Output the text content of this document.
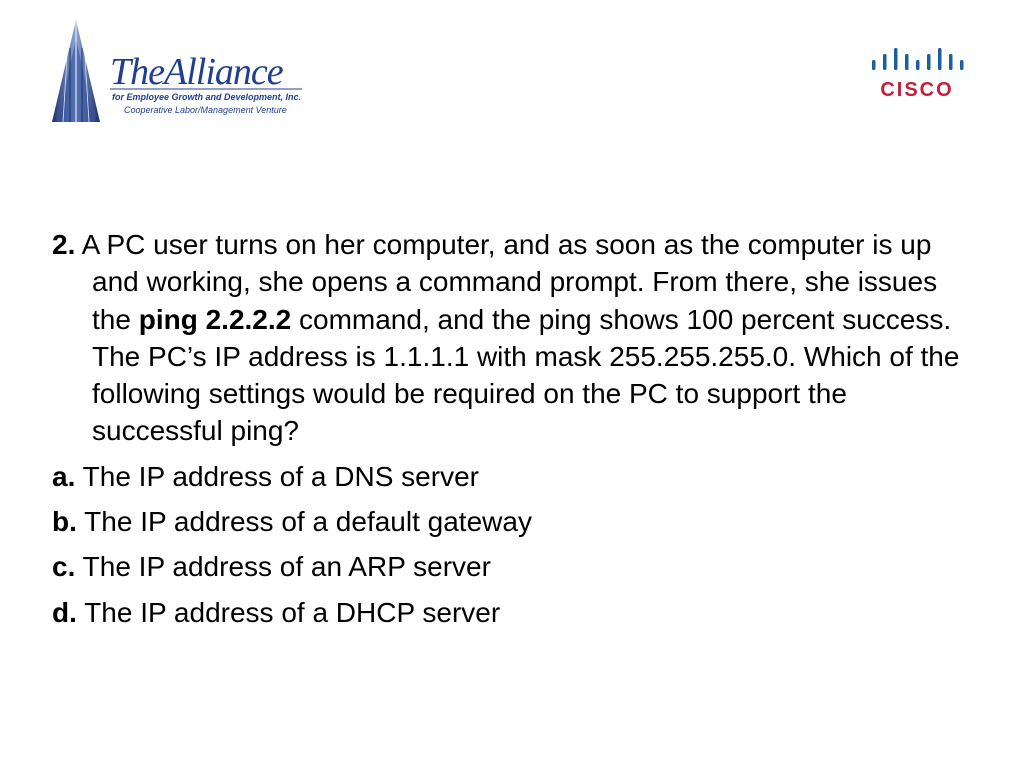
TheAlliance
for Employee Growth and Development, Inc.
Cooperative Labor/Management Venture
CISCO

2. A PC user turns on her computer, and as soon as the computer is up and working, she opens a command prompt. From there, she issues the ping 2.2.2.2 command, and the ping shows 100 percent success. The PC’s IP address is 1.1.1.1 with mask 255.255.255.0. Which of the following settings would be required on the PC to support the successful ping?

a. The IP address of a DNS server

b. The IP address of a default gateway

c. The IP address of an ARP server

d. The IP address of a DHCP server
